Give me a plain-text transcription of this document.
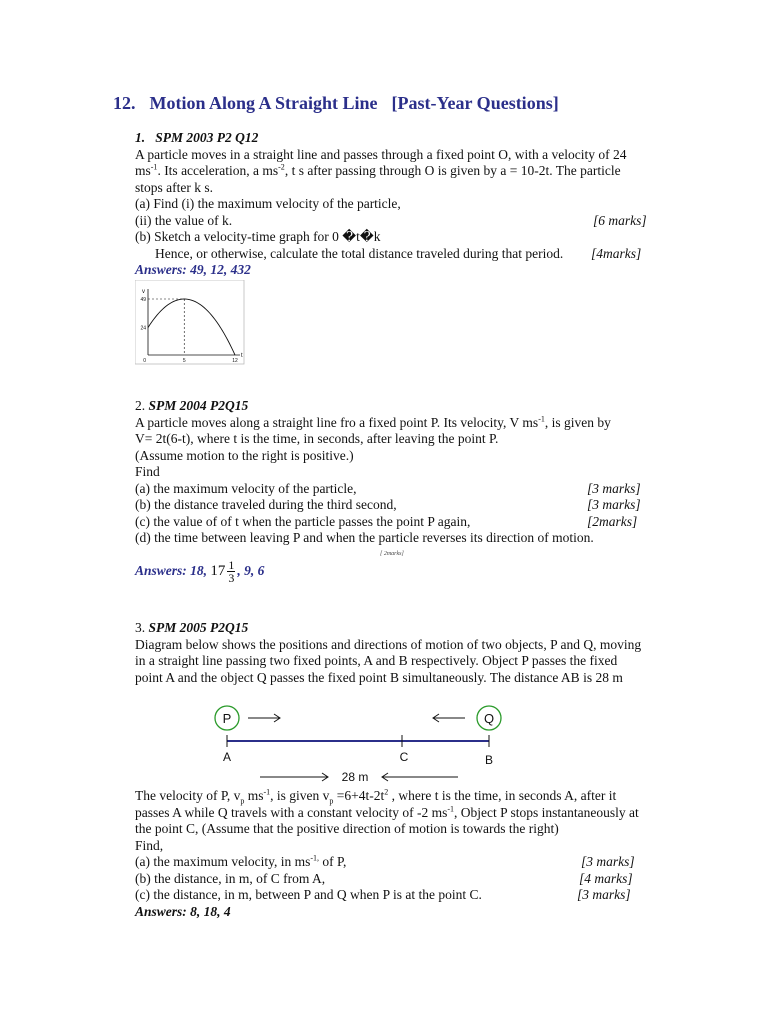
12. Motion Along A Straight Line [Past-Year Questions]
1. SPM 2003 P2 Q12
A particle moves in a straight line and passes through a fixed point O, with a velocity of 24
$ms^{-1}$. Its acceleration, a $ms^{-2}$, t s after passing through O is given by a = 10-2t. The particle
stops after k s.
(a) Find (i) the maximum velocity of the particle,
(ii) the value of k.	[6 marks]
(b) Sketch a velocity-time graph for 0 �t�k
Hence, or otherwise, calculate the total distance traveled during that period. [4marks]
Answers: 49, 12, 432
v
t
49
24
0	5	12
2. SPM 2004 P2Q15
A particle moves along a straight line fro a fixed point P. Its velocity, V $ms^{-1}$, is given by
V= 2t(6-t), where t is the time, in seconds, after leaving the point P.
(Assume motion to the right is positive.)
Find
(a) the maximum velocity of the particle,	[3 marks]
(b) the distance traveled during the third second,	[3 marks]
(c) the value of of t when the particle passes the point P again,	[2marks]
(d) the time between leaving P and when the particle reverses its direction of motion.
[ 2marks]
Answers: 18, $17 \frac{1}{3}$ , 9, 6
3. SPM 2005 P2Q15
Diagram below shows the positions and directions of motion of two objects, P and Q, moving
in a straight line passing two fixed points, A and B respectively. Object P passes the fixed
point A and the object Q passes the fixed point B simultaneously. The distance AB is 28 m
P	Q
A	C	B
28 m
The velocity of P, $v_p$ $ms^{-1}$, is given $v_p =6+4t-2t^2$ , where t is the time, in seconds A, after it
passes A while Q travels with a constant velocity of -2 $ms^{-1}$, Object P stops instantaneously at
the point C, (Assume that the positive direction of motion is towards the right)
Find,
(a) the maximum velocity, in $ms^{-1,}$ of P,	[3 marks]
(b) the distance, in m, of C from A,	[4 marks]
(c) the distance, in m, between P and Q when P is at the point C.	[3 marks]
Answers: 8, 18, 4
